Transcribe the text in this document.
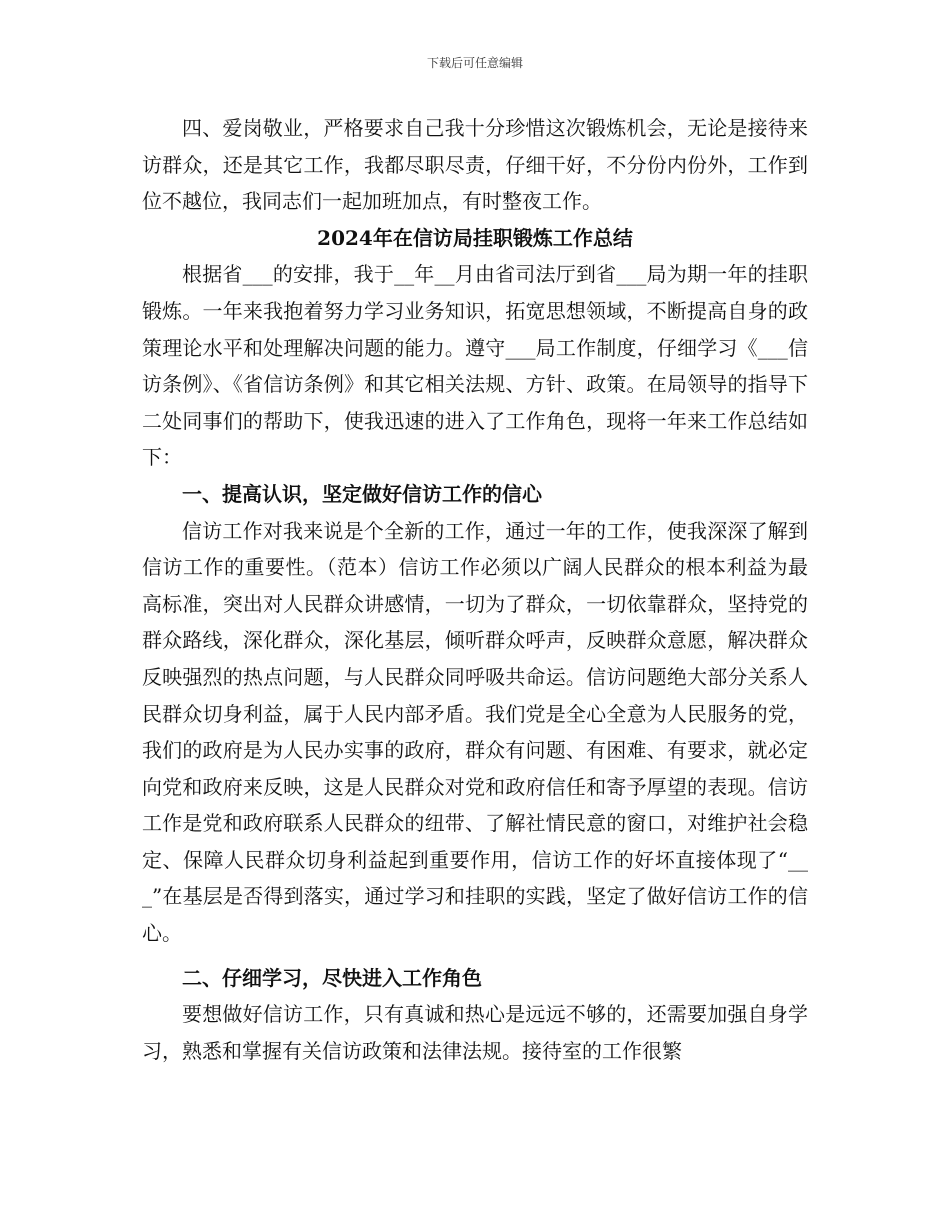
下载后可任意编辑

四、爱岗敬业，严格要求自己我十分珍惜这次锻炼机会，无论是接待来访群众，还是其它工作，我都尽职尽责，仔细干好，不分份内份外，工作到位不越位，我同志们一起加班加点，有时整夜工作。

2024年在信访局挂职锻炼工作总结

根据省___的安排，我于__年__月由省司法厅到省___局为期一年的挂职锻炼。一年来我抱着努力学习业务知识，拓宽思想领域，不断提高自身的政策理论水平和处理解决问题的能力。遵守___局工作制度，仔细学习《___信访条例》、《省信访条例》和其它相关法规、方针、政策。在局领导的指导下二处同事们的帮助下，使我迅速的进入了工作角色，现将一年来工作总结如下：

一、提高认识，坚定做好信访工作的信心

信访工作对我来说是个全新的工作，通过一年的工作，使我深深了解到信访工作的重要性。（范本）信访工作必须以广阔人民群众的根本利益为最高标准，突出对人民群众讲感情，一切为了群众，一切依靠群众，坚持党的群众路线，深化群众，深化基层，倾听群众呼声，反映群众意愿，解决群众反映强烈的热点问题，与人民群众同呼吸共命运。信访问题绝大部分关系人民群众切身利益，属于人民内部矛盾。我们党是全心全意为人民服务的党，我们的政府是为人民办实事的政府，群众有问题、有困难、有要求，就必定向党和政府来反映，这是人民群众对党和政府信任和寄予厚望的表现。信访工作是党和政府联系人民群众的纽带、了解社情民意的窗口，对维护社会稳定、保障人民群众切身利益起到重要作用，信访工作的好坏直接体现了“___”在基层是否得到落实，通过学习和挂职的实践，坚定了做好信访工作的信心。

二、仔细学习，尽快进入工作角色

要想做好信访工作，只有真诚和热心是远远不够的，还需要加强自身学习，熟悉和掌握有关信访政策和法律法规。接待室的工作很繁
